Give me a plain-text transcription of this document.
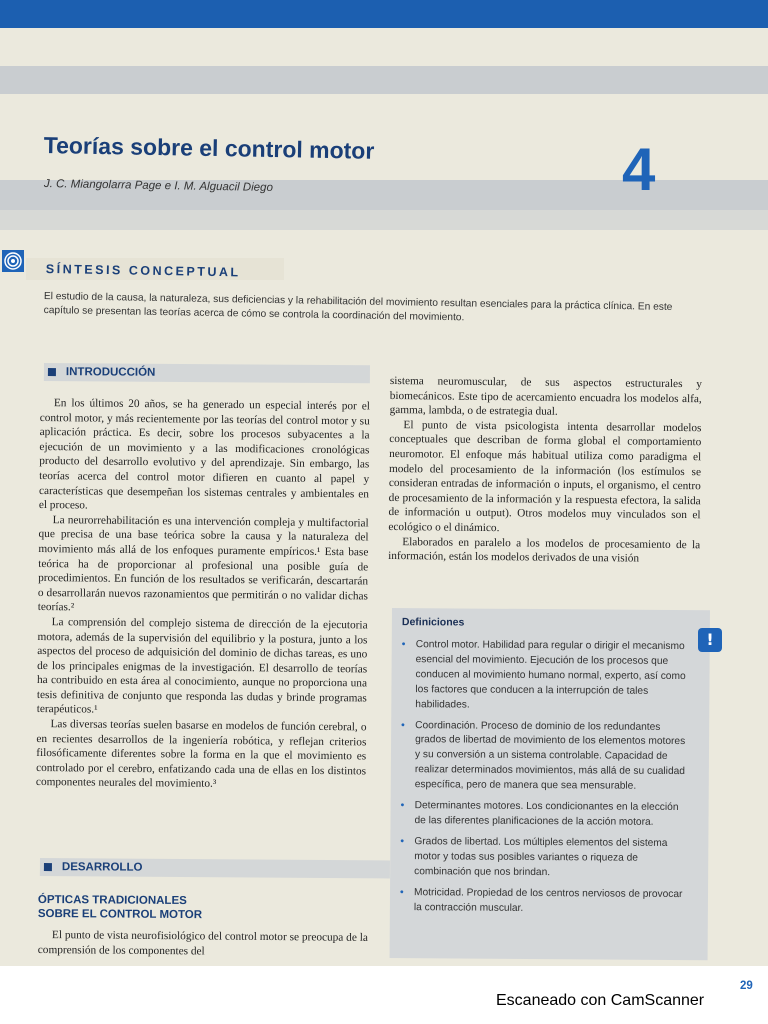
Teorías sobre el control motor
J. C. Miangolarra Page e I. M. Alguacil Diego	4
SÍNTESIS CONCEPTUAL
El estudio de la causa, la naturaleza, sus deficiencias y la rehabilitación del movimiento resultan esenciales para la práctica clínica. En este capítulo se presentan las teorías acerca de cómo se controla la coordinación del movimiento.
INTRODUCCIÓN

En los últimos 20 años, se ha generado un especial interés por el control motor, y más recientemente por las teorías del control motor y su aplicación práctica. Es decir, sobre los procesos subyacentes a la ejecución de un movimiento y a las modificaciones cronológicas producto del desarrollo evolutivo y del aprendizaje. Sin embargo, las teorías acerca del control motor difieren en cuanto al papel y características que desempeñan los sistemas centrales y ambientales en el proceso.

La neurorrehabilitación es una intervención compleja y multifactorial que precisa de una base teórica sobre la causa y la naturaleza del movimiento más allá de los enfoques puramente empíricos.¹ Esta base teórica ha de proporcionar al profesional una posible guía de procedimientos. En función de los resultados se verificarán, descartarán o desarrollarán nuevos razonamientos que permitirán o no validar dichas teorías.²

La comprensión del complejo sistema de dirección de la ejecutoria motora, además de la supervisión del equilibrio y la postura, junto a los aspectos del proceso de adquisición del dominio de dichas tareas, es uno de los principales enigmas de la investigación. El desarrollo de teorías ha contribuido en esta área al conocimiento, aunque no proporciona una tesis definitiva de conjunto que responda las dudas y brinde programas terapéuticos.¹

Las diversas teorías suelen basarse en modelos de función cerebral, o en recientes desarrollos de la ingeniería robótica, y reflejan criterios filosóficamente diferentes sobre la forma en la que el movimiento es controlado por el cerebro, enfatizando cada una de ellas en los distintos componentes neurales del movimiento.³

sistema neuromuscular, de sus aspectos estructurales y biomecánicos. Este tipo de acercamiento encuadra los modelos alfa, gamma, lambda, o de estrategia dual.

El punto de vista psicologista intenta desarrollar modelos conceptuales que describan de forma global el comportamiento neuromotor. El enfoque más habitual utiliza como paradigma el modelo del procesamiento de la información (los estímulos se consideran entradas de información o inputs, el organismo, el centro de procesamiento de la información y la respuesta efectora, la salida de información u output). Otros modelos muy vinculados son el ecológico o el dinámico.

Elaborados en paralelo a los modelos de procesamiento de la información, están los modelos derivados de una visión

Definiciones
• Control motor. Habilidad para regular o dirigir el mecanismo esencial del movimiento. Ejecución de los procesos que conducen al movimiento humano normal, experto, así como los factores que conducen a la interrupción de tales habilidades.
• Coordinación. Proceso de dominio de los redundantes grados de libertad de movimiento de los elementos motores y su conversión a un sistema controlable. Capacidad de realizar determinados movimientos, más allá de su cualidad específica, pero de manera que sea mensurable.
• Determinantes motores. Los condicionantes en la elección de las diferentes planificaciones de la acción motora.
• Grados de libertad. Los múltiples elementos del sistema motor y todas sus posibles variantes o riqueza de combinación que nos brindan.
• Motricidad. Propiedad de los centros nerviosos de provocar la contracción muscular.
!
DESARROLLO
ÓPTICAS TRADICIONALES
SOBRE EL CONTROL MOTOR

El punto de vista neurofisiológico del control motor se preocupa de la comprensión de los componentes del

29
Escaneado con CamScanner
